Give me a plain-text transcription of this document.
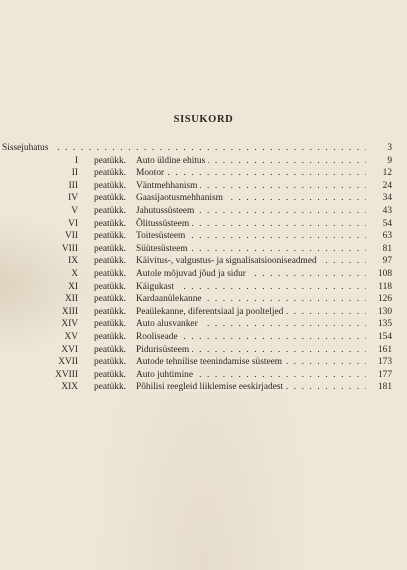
SISUKORD
Sissejuhatus . . .	3
I peatükk. Auto üldine ehitus . . .	9
II peatükk. Mootor . . .	12
III peatükk. Väntmehhanism . . .	24
IV peatükk. Gaasijaotusmehhanism . . .	34
V peatükk. Jahutussüsteem . . .	43
VI peatükk. Õlitussüsteem . . .	54
VII peatükk. Toitesüsteem . . .	63
VIII peatükk. Süütesüsteem . . .	81
IX peatükk. Käivitus-, valgustus- ja signalisatsiooniseadmed . . .	97
X peatükk. Autole mõjuvad jõud ja sidur . . .	108
XI peatükk. Käigukast . . .	118
XII peatükk. Kardaanülekanne . . .	126
XIII peatükk. Peaülekanne, diferentsiaal ja poolteljed . . .	130
XIV peatükk. Auto alusvanker . . .	135
XV peatükk. Rooliseade . . .	154
XVI peatükk. Pidurisüsteem . . .	161
XVII peatükk. Autode tehnilise teenindamise süsteem . . .	173
XVIII peatükk. Auto juhtimine . . .	177
XIX peatükk. Põhilisi reegleid liiklemise eeskirjadest . . .	181
